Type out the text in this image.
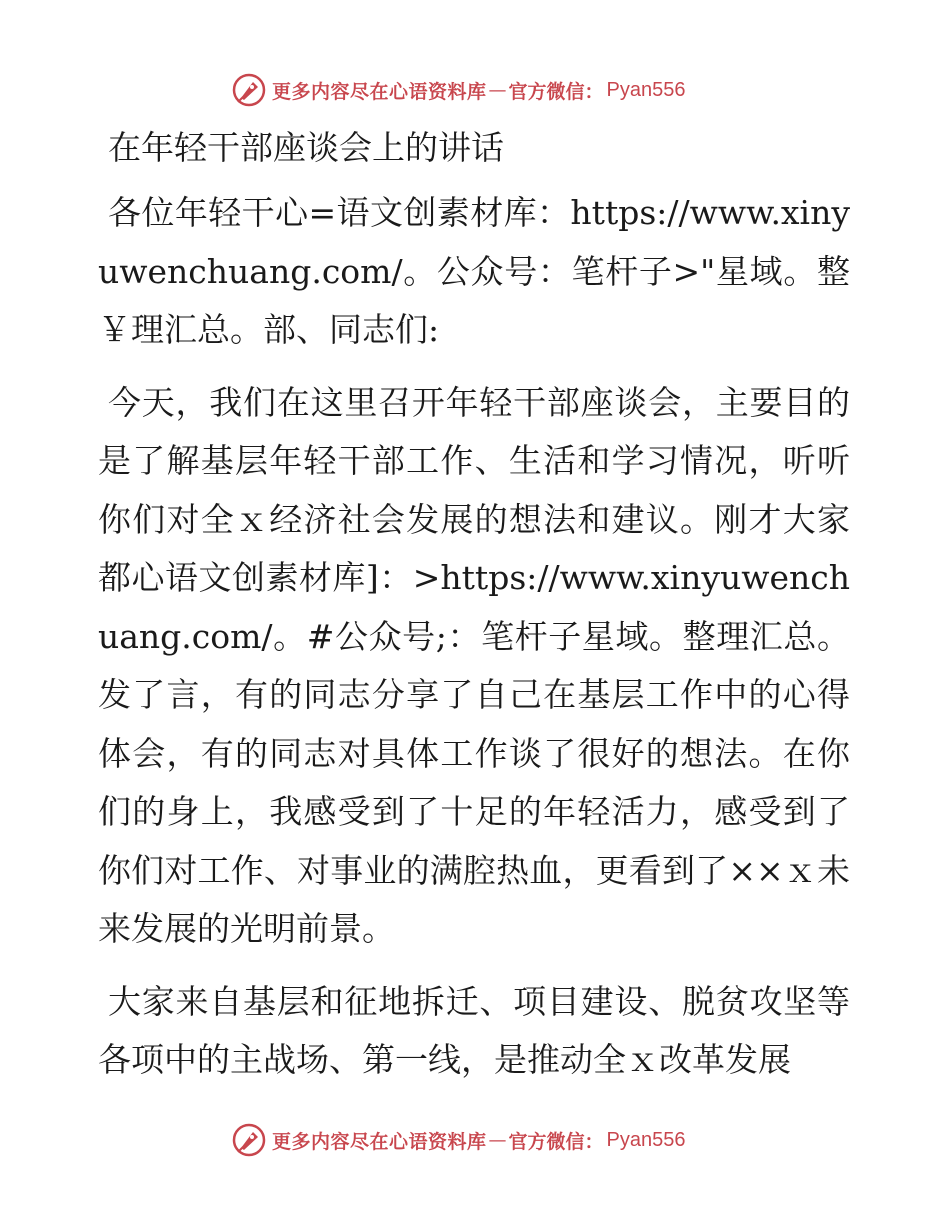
更多内容尽在心语资料库 — 官方微信： Pyan556
在年轻干部座谈会上的讲话

各位年轻干心=语文创素材库：https://www.xinyuwenchuang.com/。公众号：笔杆子>"星域。整￥理汇总。部、同志们:

今天，我们在这里召开年轻干部座谈会，主要目的是了解基层年轻干部工作、生活和学习情况，听听你们对全ｘ经济社会发展的想法和建议。刚才大家都心语文创素材库]：>https://www.xinyuwenchuang.com/。#公众号;：笔杆子星域。整理汇总。发了言，有的同志分享了自己在基层工作中的心得体会，有的同志对具体工作谈了很好的想法。在你们的身上，我感受到了十足的年轻活力，感受到了你们对工作、对事业的满腔热血，更看到了××ｘ未来发展的光明前景。

大家来自基层和征地拆迁、项目建设、脱贫攻坚等各项中的主战场、第一线，是推动全ｘ改革发展

更多内容尽在心语资料库 — 官方微信： Pyan556
